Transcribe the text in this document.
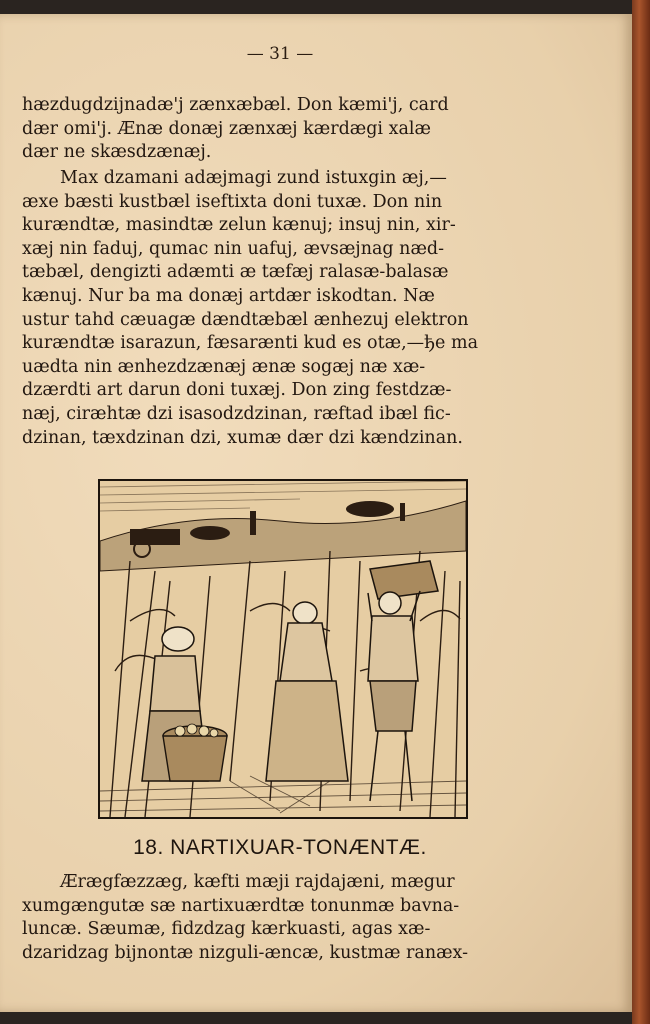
— 31 —

hæzdugdzijnadæ'j zænxæbæl. Don kæmi'j, card

dær omi'j. Ænæ donæj zænxæj kærdægi xalæ

dær ne skæsdzænæj.

Max dzamani adæjmagi zund istuxgin æj,—

æxe bæsti kustbæl iseftixta doni tuxæ. Don nin

kurændtæ, masindtæ zelun kænuj; insuj nin, xir-

xæj nin faduj, qumac nin uafuj, ævsæjnag næd-

tæbæl, dengizti adæmti æ tæfæj ralasæ-balasæ

kænuj. Nur ba ma donæj artdær iskodtan. Næ

ustur tahd cæuagæ dændtæbæl ænhezuj elektron

kurændtæ isarazun, fæsarænti kud es otæ,—ђe ma

uædta nin ænhezdzænæj ænæ sogæj næ xæ-

dzærdti art darun doni tuxæj. Don zing festdzæ-

næj, ciræhtæ dzi isasodzdzinan, ræftad ibæl fic-

dzinan, tæxdzinan dzi, xumæ dær dzi kændzinan.

18. NARTIXUAR-TONÆNTÆ.

Ærægfæzzæg, kæfti mæji rajdajæni, mægur

xumgængutæ sæ nartixuærdtæ tonunmæ bavna-

luncæ. Sæumæ, fidzdzag kærkuasti, agas xæ-

dzaridzag bijnontæ nizguli-æncæ, kustmæ ranæx-
